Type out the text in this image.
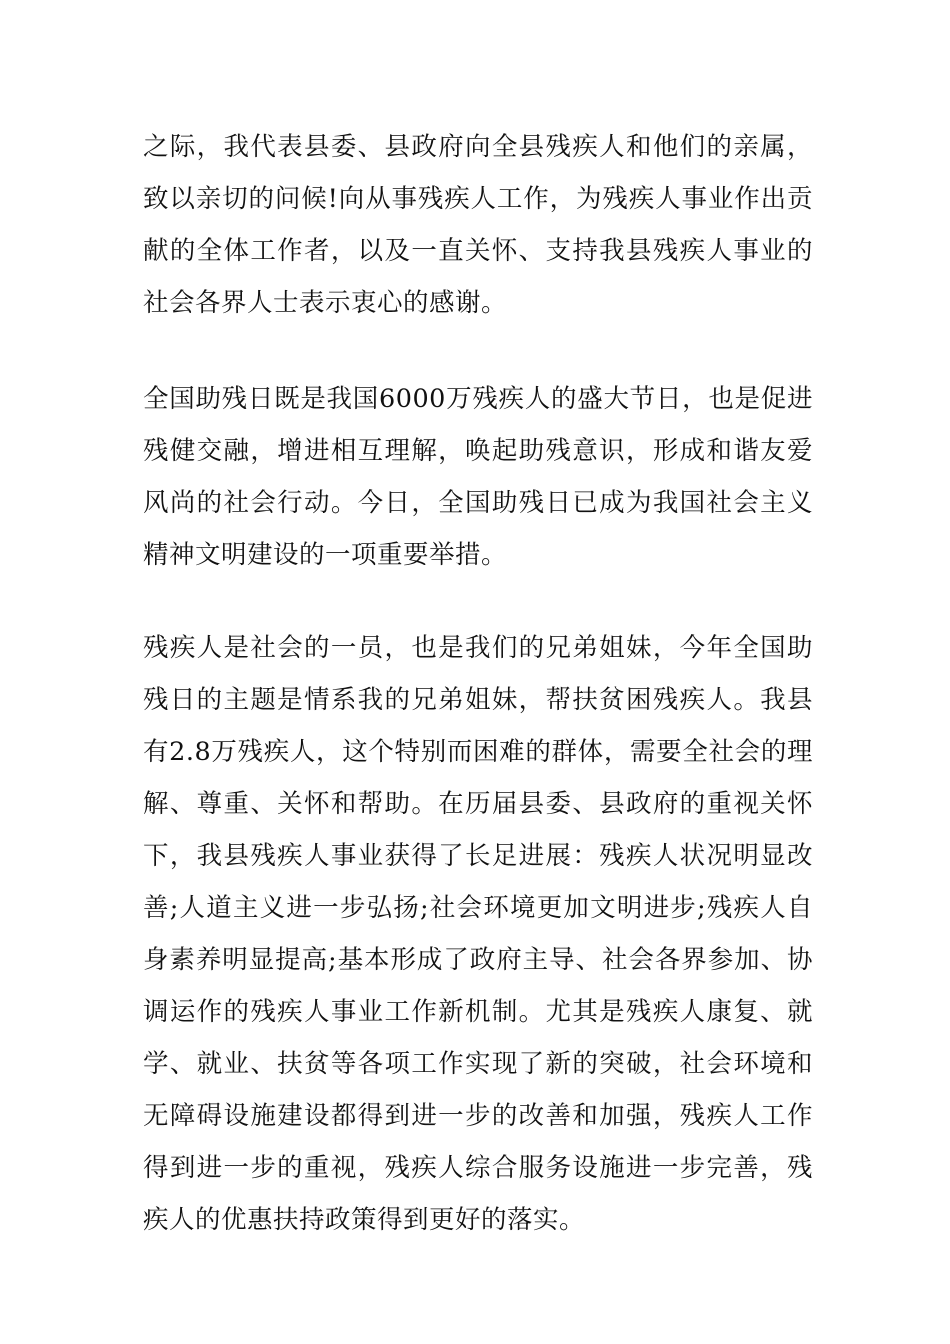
之际，我代表县委、县政府向全县残疾人和他们的亲属，
致以亲切的问候!向从事残疾人工作，为残疾人事业作出贡
献的全体工作者，以及一直关怀、支持我县残疾人事业的
社会各界人士表示衷心的感谢。
全国助残日既是我国6000万残疾人的盛大节日，也是促进
残健交融，增进相互理解，唤起助残意识，形成和谐友爱
风尚的社会行动。今日，全国助残日已成为我国社会主义
精神文明建设的一项重要举措。
残疾人是社会的一员，也是我们的兄弟姐妹，今年全国助
残日的主题是情系我的兄弟姐妹，帮扶贫困残疾人。我县
有2.8万残疾人，这个特别而困难的群体，需要全社会的理
解、尊重、关怀和帮助。在历届县委、县政府的重视关怀
下，我县残疾人事业获得了长足进展：残疾人状况明显改
善;人道主义进一步弘扬;社会环境更加文明进步;残疾人自
身素养明显提高;基本形成了政府主导、社会各界参加、协
调运作的残疾人事业工作新机制。尤其是残疾人康复、就
学、就业、扶贫等各项工作实现了新的突破，社会环境和
无障碍设施建设都得到进一步的改善和加强，残疾人工作
得到进一步的重视，残疾人综合服务设施进一步完善，残
疾人的优惠扶持政策得到更好的落实。
